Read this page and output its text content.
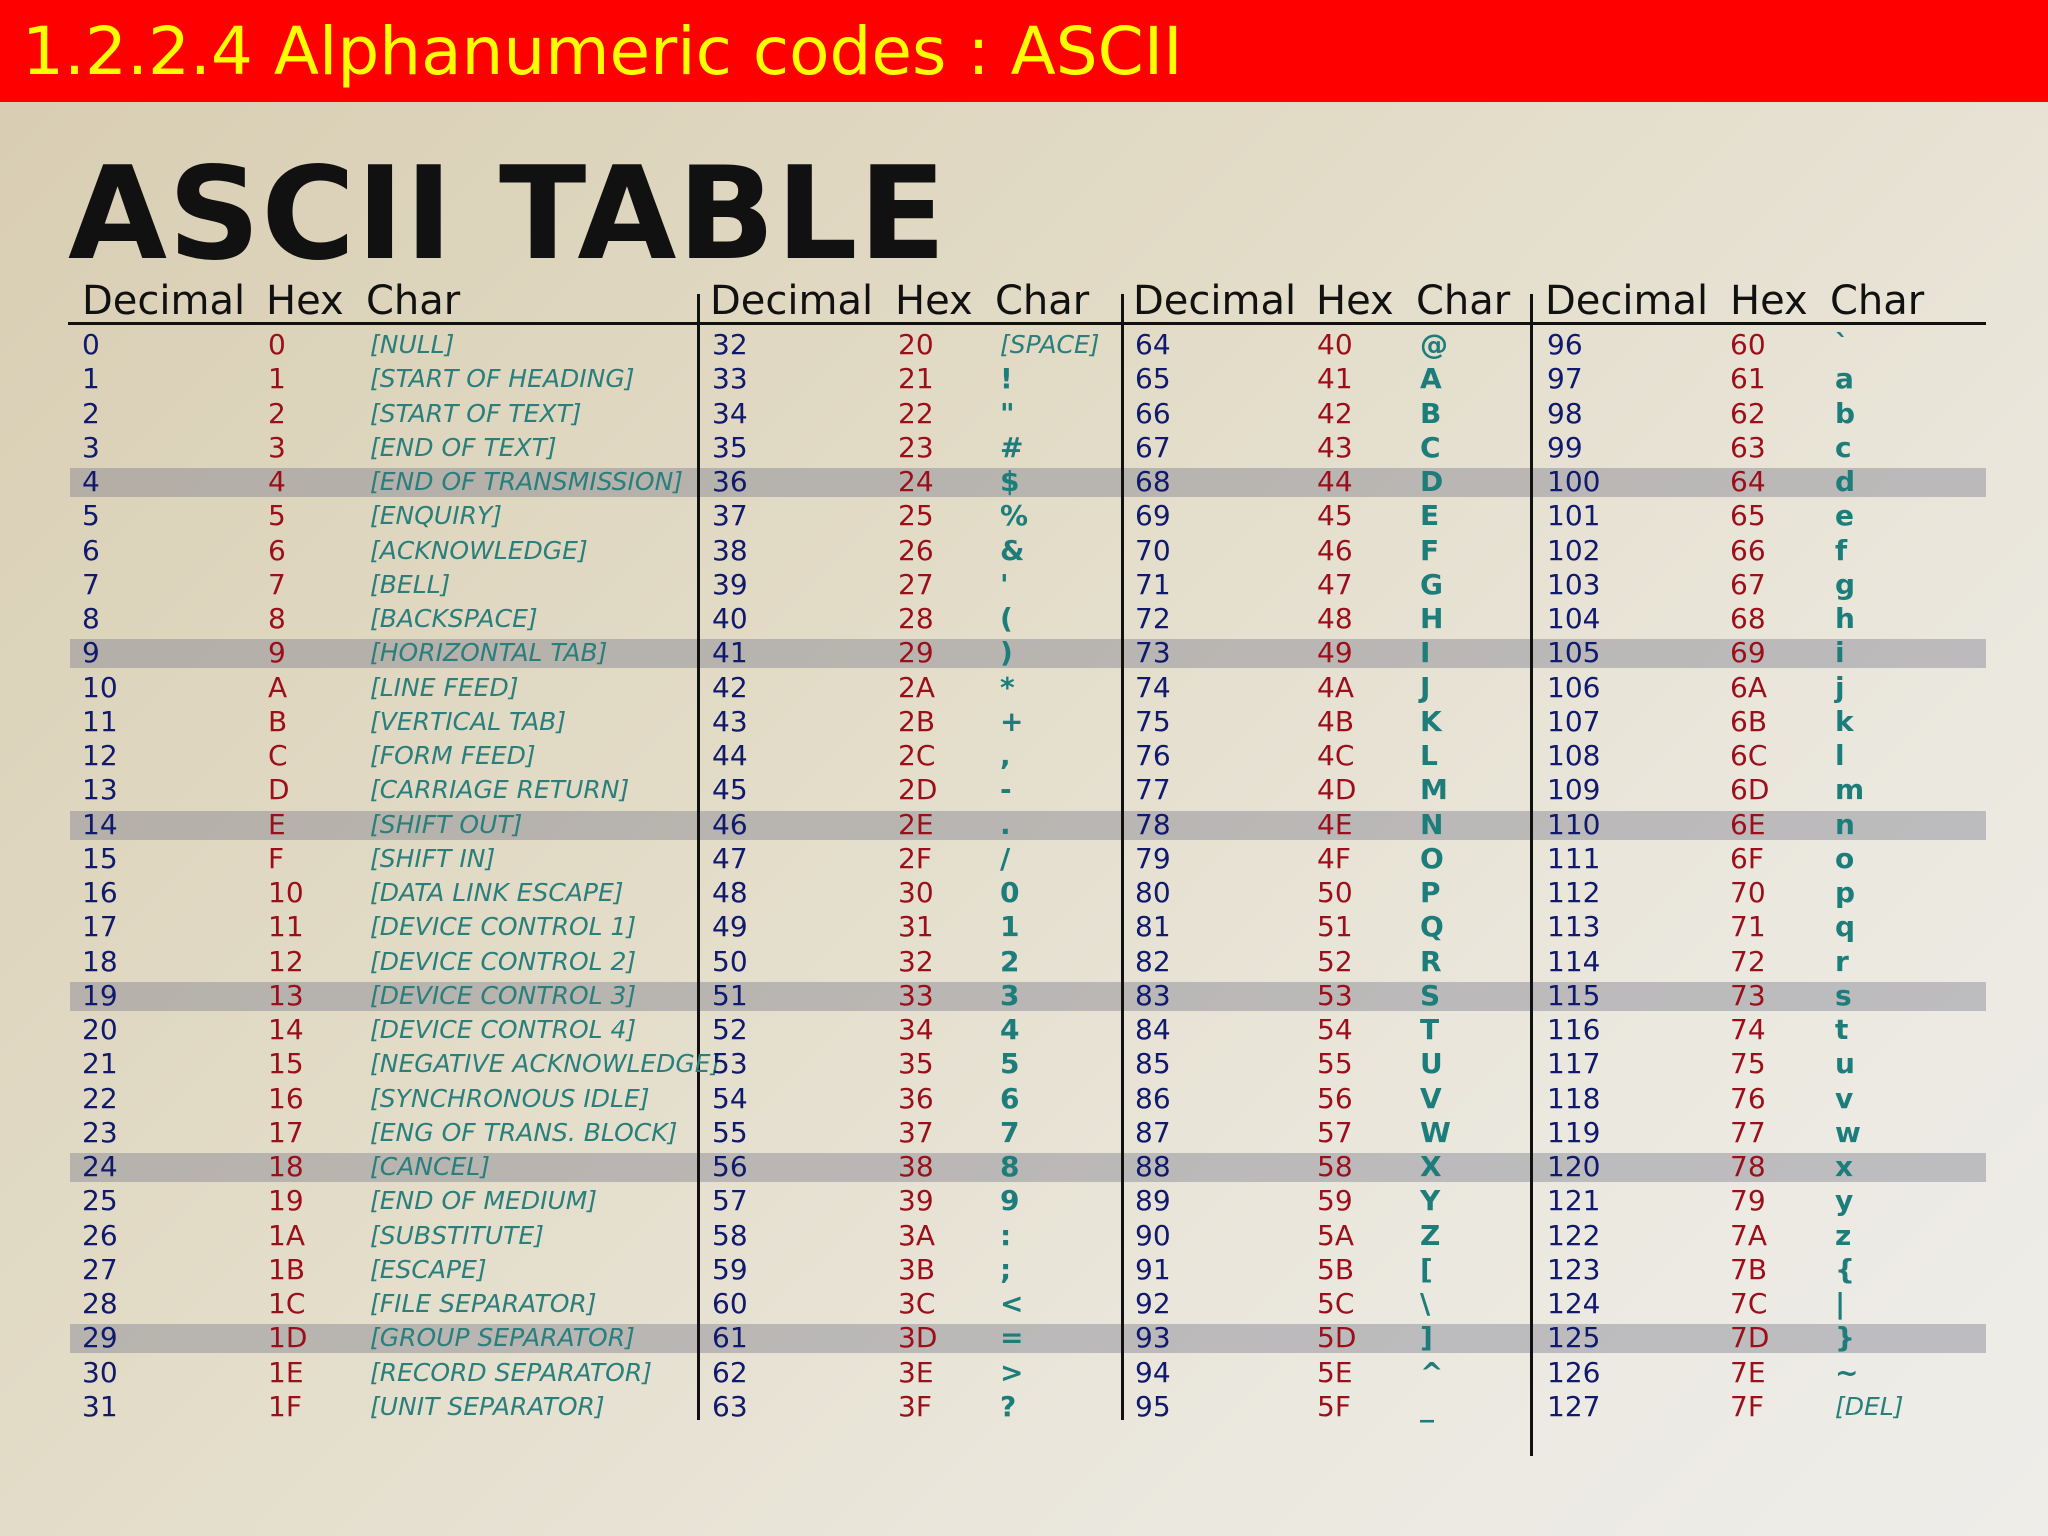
1.2.2.4 Alphanumeric codes : ASCII
ASCII TABLE
Decimal Hex Char	Decimal Hex Char Decimal Hex Char Decimal Hex Char
0	0	[NULL]
1	1	[START OF HEADING]
2	2	[START OF TEXT]
3	3	[END OF TEXT]
4	4	[END OF TRANSMISSION]
5	5	[ENQUIRY]
6	6	[ACKNOWLEDGE]
7	7	[BELL]
8	8	[BACKSPACE]
9	9	[HORIZONTAL TAB]
10	A	[LINE FEED]
11	B	[VERTICAL TAB]
12	C	[FORM FEED]
13	D	[CARRIAGE RETURN]
14	E	[SHIFT OUT]
15	F	[SHIFT IN]
16	10	[DATA LINK ESCAPE]
17	11	[DEVICE CONTROL 1]
18	12	[DEVICE CONTROL 2]
19	13	[DEVICE CONTROL 3]
20	14	[DEVICE CONTROL 4]
21	15	[NEGATIVE ACKNOWLEDGE]
22	16	[SYNCHRONOUS IDLE]
23	17	[ENG OF TRANS. BLOCK]
24	18	[CANCEL]
25	19	[END OF MEDIUM]
26	1A	[SUBSTITUTE]
27	1B	[ESCAPE]
28	1C	[FILE SEPARATOR]
29	1D	[GROUP SEPARATOR]
30	1E	[RECORD SEPARATOR]
31	1F	[UNIT SEPARATOR]
32	20	[SPACE]
33	21 !
34	22 "
35	23 #
36	24 $
37	25 %
38	26 &
39	27 '
40	28 (
41	29 )
42	2A *
43	2B +
44	2C ,
45	2D -
46	2E .
47	2F /
48	30 0
49	31 1
50	32 2
51	33 3
52	34 4
53	35 5
54	36 6
55	37 7
56	38 8
57	39 9
58	3A :
59	3B ;
60	3C <
61	3D =
62	3E >
63	3F ?
64	40 @
65	41 A
66	42 B
67	43 C
68	44 D
69	45 E
70	46 F
71	47 G
72	48 H
73	49 I
74	4A J
75	4B K
76	4C L
77	4D M
78	4E N
79	4F O
80	50 P
81	51 Q
82	52 R
83	53 S
84	54 T
85	55 U
86	56 V
87	57 W
88	58 X
89	59 Y
90	5A Z
91	5B [
92	5C \
93	5D ]
94	5E ^
95	5F _
96	60 `
97	61 a
98	62 b
99	63 c
100	64 d
101	65 e
102	66 f
103	67 g
104	68 h
105	69 i
106	6A j
107	6B k
108	6C l
109	6D m
110	6E n
111	6F	o
112	70 p
113	71 q
114	72 r
115	73 s
116	74 t
117	75 u
118	76 v
119	77 w
120	78 x
121	79 y
122	7A z
123	7B {
124	7C |
125	7D }
126	7E ~
127	7F	[DEL]
